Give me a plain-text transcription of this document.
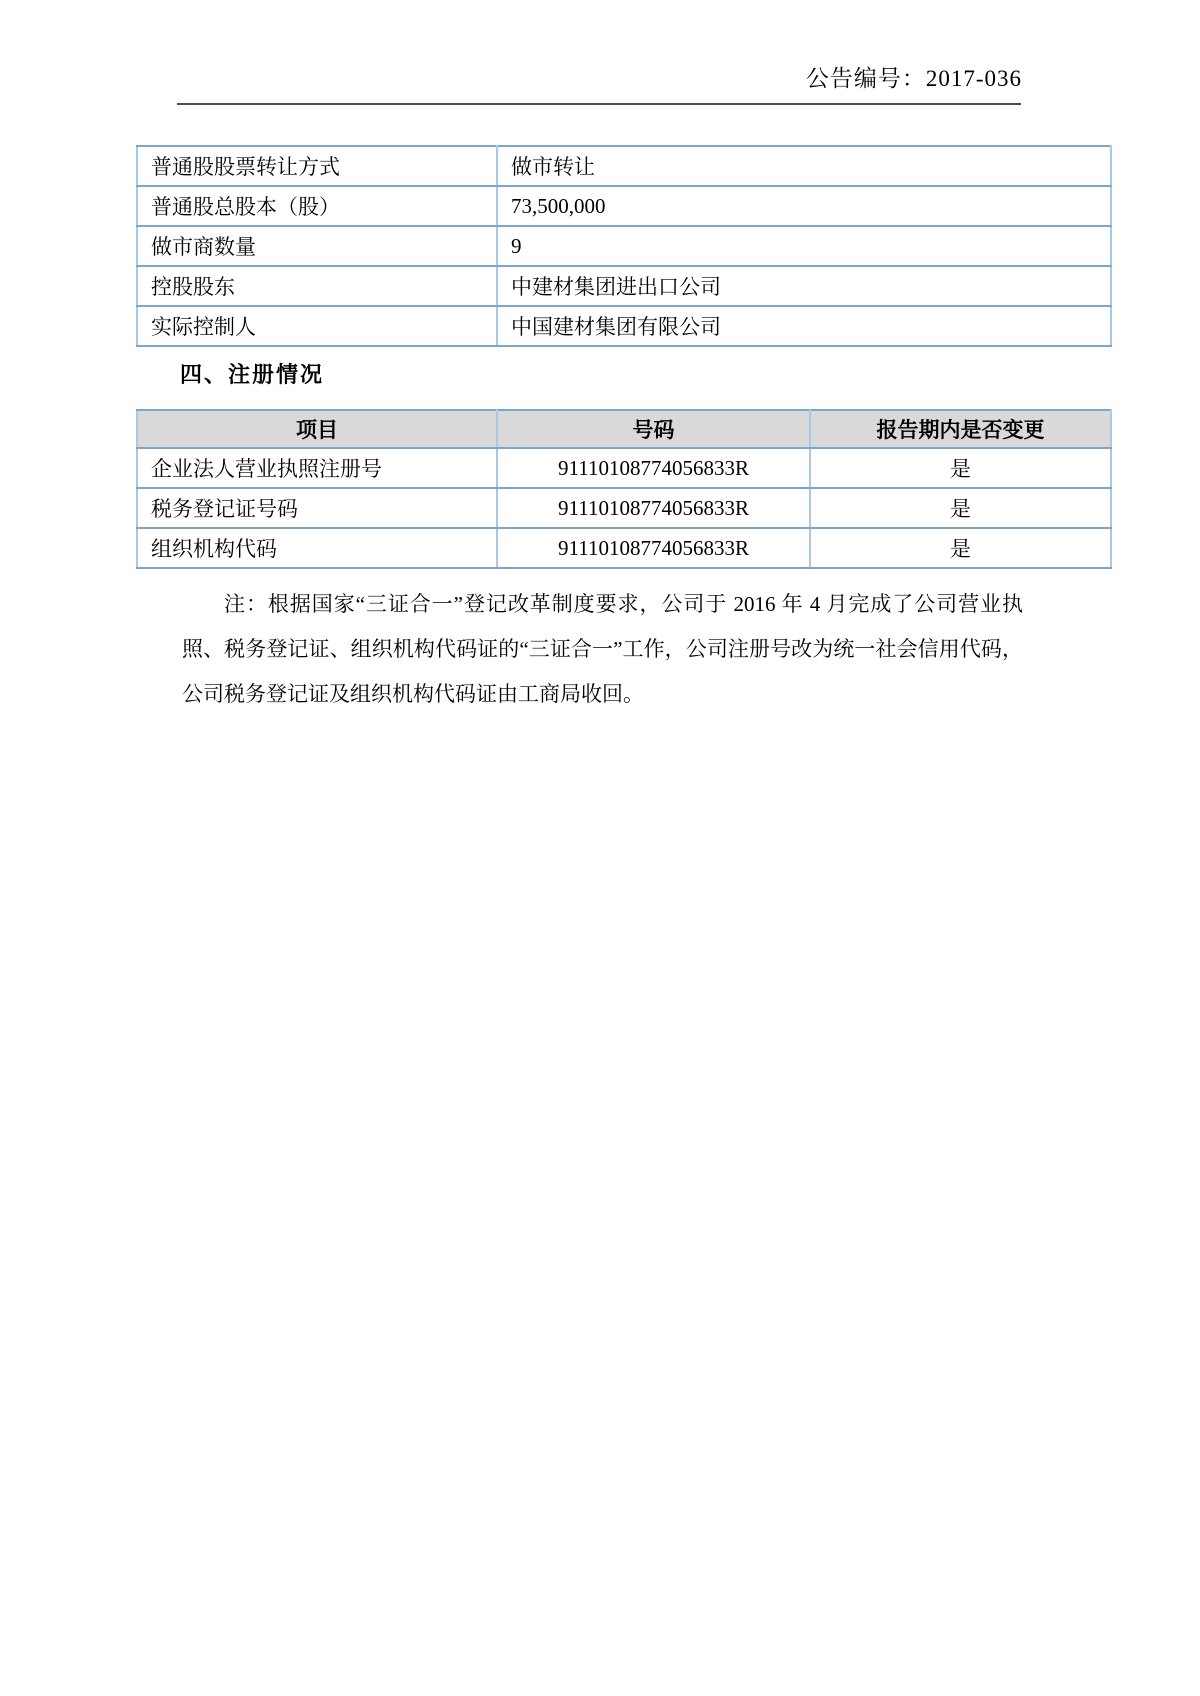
公告编号：2017-036
普通股股票转让方式	做市转让
普通股总股本（股）	73,500,000
做市商数量	9
控股股东	中建材集团进出口公司
实际控制人	中国建材集团有限公司
四、注册情况
项目	号码	报告期内是否变更
企业法人营业执照注册号	91110108774056833R	是
税务登记证号码	91110108774056833R	是
组织机构代码	91110108774056833R	是

注：根据国家“三证合一”登记改革制度要求，公司于 2016 年 4 月完成了公司营业执照、税务登记证、组织机构代码证的“三证合一”工作，公司注册号改为统一社会信用代码，公司税务登记证及组织机构代码证由工商局收回。
